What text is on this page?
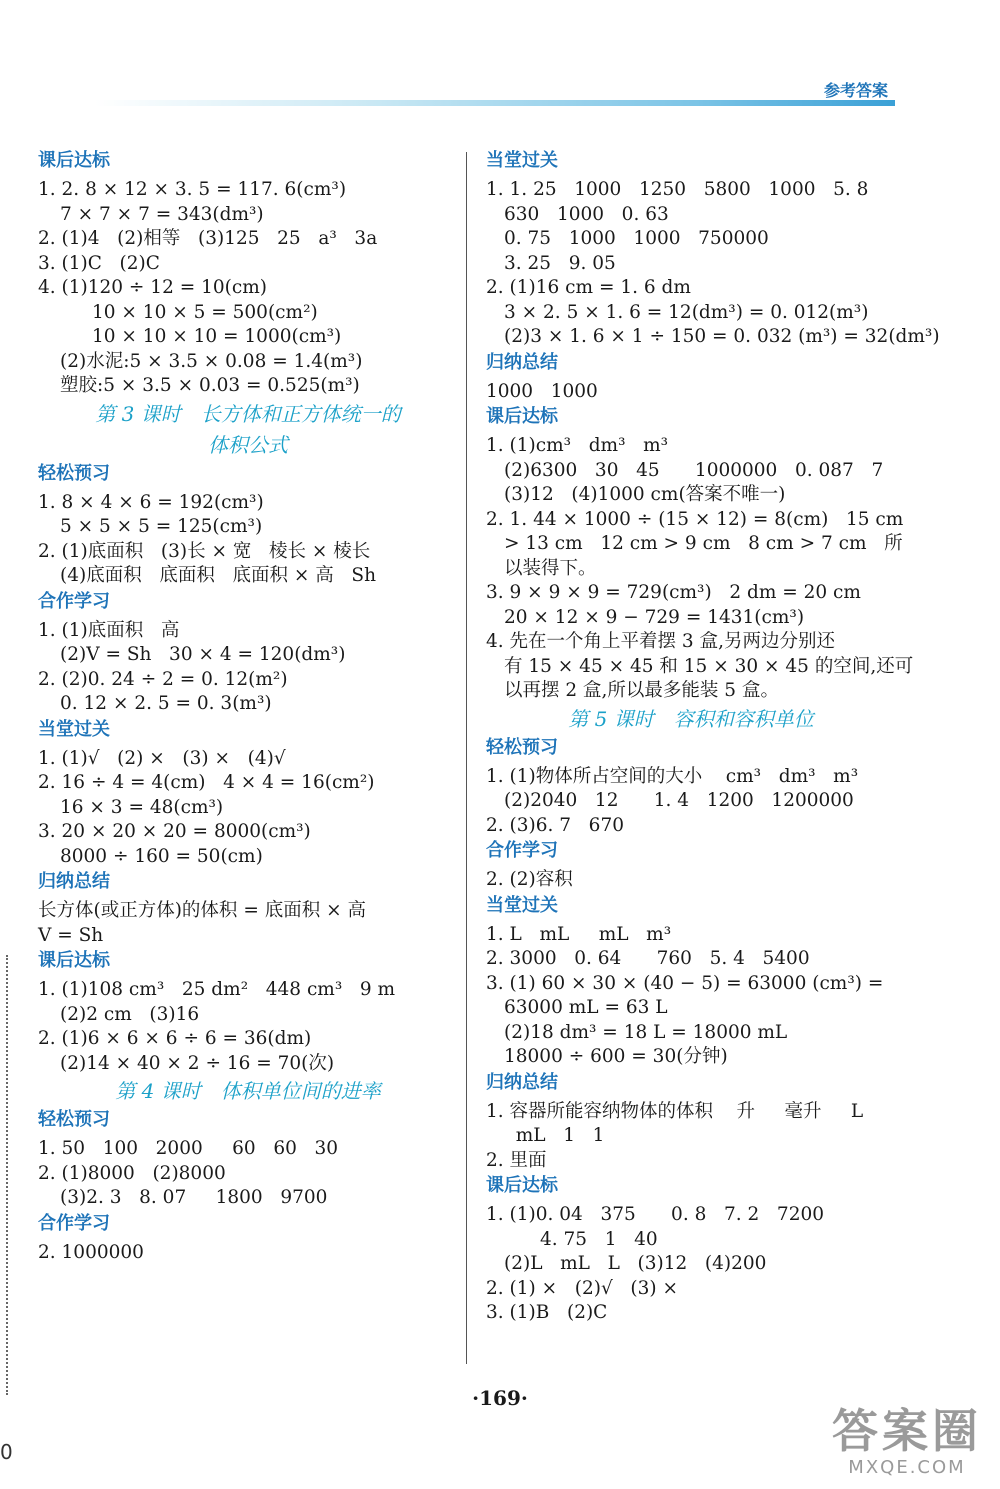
参考答案
课后达标
1. 2. 8 × 12 × 3. 5 = 117. 6(cm³)
7 × 7 × 7 = 343(dm³)
2. (1)4   (2)相等   (3)125   25   a³   3a
3. (1)C   (2)C
4. (1)120 ÷ 12 = 10(cm)
10 × 10 × 5 = 500(cm²)
10 × 10 × 10 = 1000(cm³)
(2)水泥:5 × 3.5 × 0.08 = 1.4(m³)
塑胶:5 × 3.5 × 0.03 = 0.525(m³)
第 3 课时　长方体和正方体统一的
体积公式
轻松预习
1. 8 × 4 × 6 = 192(cm³)
5 × 5 × 5 = 125(cm³)
2. (1)底面积   (3)长 × 宽   棱长 × 棱长
(4)底面积   底面积   底面积 × 高   Sh
合作学习
1. (1)底面积   高
(2)V = Sh   30 × 4 = 120(dm³)
2. (2)0. 24 ÷ 2 = 0. 12(m²)
0. 12 × 2. 5 = 0. 3(m³)
当堂过关
1. (1)√   (2) ×   (3) ×   (4)√
2. 16 ÷ 4 = 4(cm)   4 × 4 = 16(cm²)
16 × 3 = 48(cm³)
3. 20 × 20 × 20 = 8000(cm³)
8000 ÷ 160 = 50(cm)
归纳总结
长方体(或正方体)的体积 = 底面积 × 高
V = Sh
课后达标
1. (1)108 cm³   25 dm²   448 cm³   9 m
(2)2 cm   (3)16
2. (1)6 × 6 × 6 ÷ 6 = 36(dm)
(2)14 × 40 × 2 ÷ 16 = 70(次)
第 4 课时　体积单位间的进率
轻松预习
1. 50   100   2000     60   60   30
2. (1)8000   (2)8000
(3)2. 3   8. 07     1800   9700
合作学习
2. 1000000
当堂过关
1. 1. 25   1000   1250   5800   1000   5. 8
630   1000   0. 63
0. 75   1000   1000   750000
3. 25   9. 05
2. (1)16 cm = 1. 6 dm
3 × 2. 5 × 1. 6 = 12(dm³) = 0. 012(m³)
(2)3 × 1. 6 × 1 ÷ 150 = 0. 032 (m³) = 32(dm³)
归纳总结
1000   1000
课后达标
1. (1)cm³   dm³   m³
(2)6300   30   45      1000000   0. 087   7
(3)12   (4)1000 cm(答案不唯一)
2. 1. 44 × 1000 ÷ (15 × 12) = 8(cm)   15 cm
> 13 cm   12 cm > 9 cm   8 cm > 7 cm   所
以装得下。
3. 9 × 9 × 9 = 729(cm³)   2 dm = 20 cm
20 × 12 × 9 − 729 = 1431(cm³)
4. 先在一个角上平着摆 3 盒,另两边分别还
有 15 × 45 × 45 和 15 × 30 × 45 的空间,还可
以再摆 2 盒,所以最多能装 5 盒。
第 5 课时　容积和容积单位
轻松预习
1. (1)物体所占空间的大小    cm³   dm³   m³
(2)2040   12      1. 4   1200   1200000
2. (3)6. 7   670
合作学习
2. (2)容积
当堂过关
1. L   mL     mL   m³
2. 3000   0. 64      760   5. 4   5400
3. (1) 60 × 30 × (40 − 5) = 63000 (cm³) =
63000 mL = 63 L
(2)18 dm³ = 18 L = 18000 mL
18000 ÷ 600 = 30(分钟)
归纳总结
1. 容器所能容纳物体的体积    升     毫升     L
mL   1   1
2. 里面
课后达标
1. (1)0. 04   375      0. 8   7. 2   7200
4. 75   1   40
(2)L   mL   L   (3)12   (4)200
2. (1) ×   (2)√   (3) ×
3. (1)B   (2)C
0
·169·
答案圈
MXQE.COM
